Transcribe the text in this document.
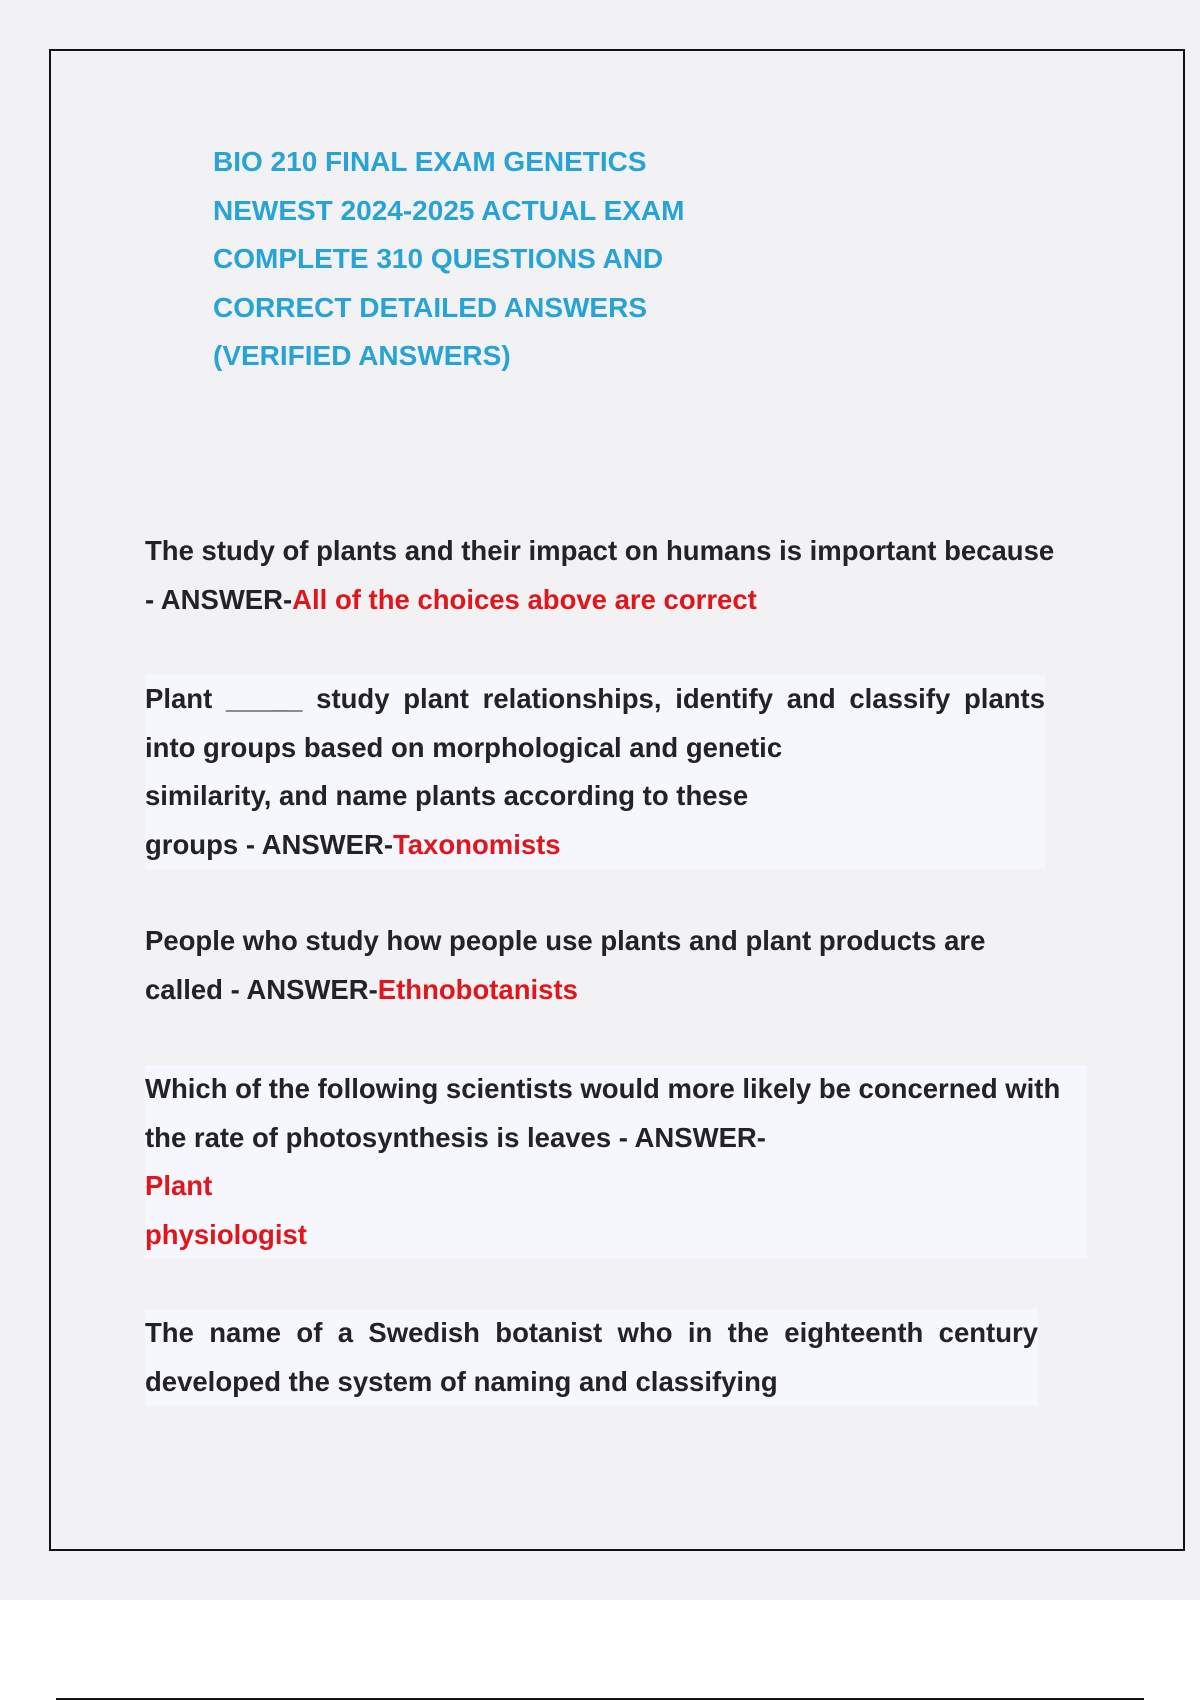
BIO 210 FINAL EXAM GENETICS
NEWEST 2024-2025 ACTUAL EXAM
COMPLETE 310 QUESTIONS AND
CORRECT DETAILED ANSWERS
(VERIFIED ANSWERS)
The study of plants and their impact on humans is important because
- ANSWER-All of the choices above are correct
Plant _____ study plant relationships, identify and classify plants
into groups based on morphological and genetic
similarity, and name plants according to these
groups - ANSWER-Taxonomists
People who study how people use plants and plant products are
called - ANSWER-Ethnobotanists
Which of the following scientists would more likely be concerned with
the rate of photosynthesis is leaves - ANSWER-
Plant
physiologist
The name of a Swedish botanist who in the eighteenth century
developed the system of naming and classifying
